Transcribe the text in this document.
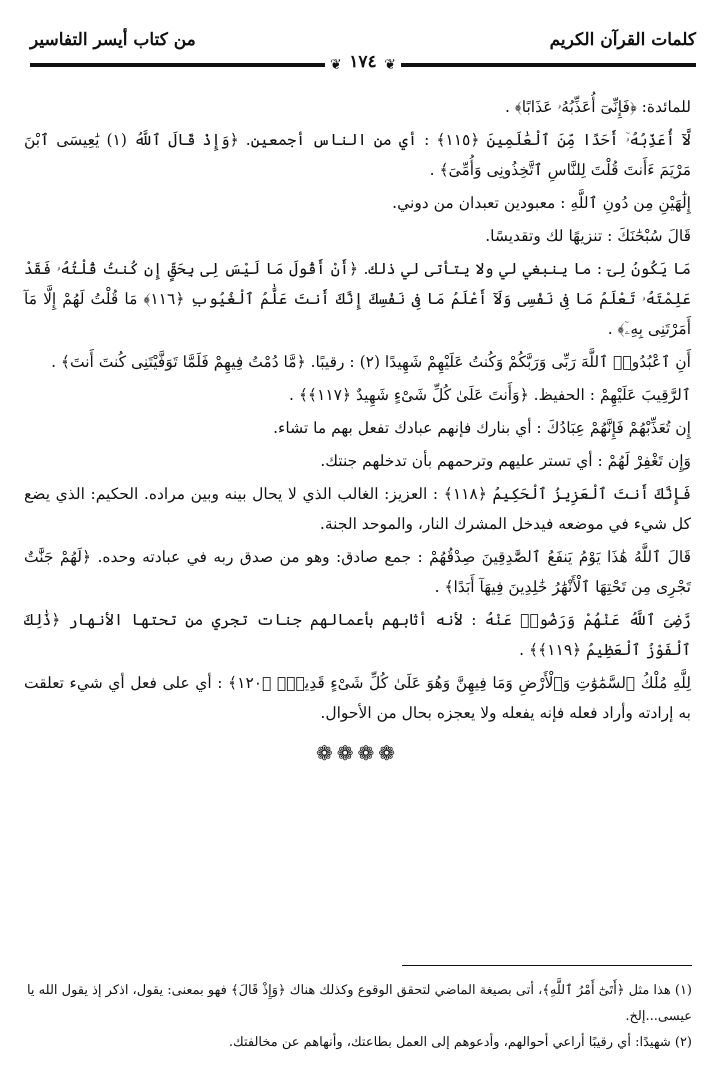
كلمات القرآن الكريم
من كتاب أيسر التفاسير
❦
❦ ١٧٤

للمائدة: ﴿فَإِنِّىٓ أُعَذِّبُهُۥ عَذَابًا﴾ .

لَّآ أُعَذِّبُهُۥٓ أَحَدًا مِّنَ ٱلْعَٰلَمِينَ ﴿١١٥﴾ : أي من الناس أجمعين. ﴿وَإِذْ قَالَ ٱللَّهُ (١) يَٰعِيسَى ٱبْنَ مَرْيَمَ ءَأَنتَ قُلْتَ لِلنَّاسِ ٱتَّخِذُونِى وَأُمِّىَ﴾ .

إِلَٰهَيْنِ مِن دُونِ ٱللَّهِ : معبودين تعبدان من دوني.

قَالَ سُبْحَٰنَكَ : تنزيهًا لك وتقديسًا.

مَا يَكُونُ لِىٓ : ما ينبغي لي ولا يتأتى لي ذلك. ﴿أَنْ أَقُولَ مَا لَيْسَ لِى بِحَقٍّ إِن كُنتُ قُلْتُهُۥ فَقَدْ عَلِمْتَهُۥ تَعْلَمُ مَا فِى نَفْسِى وَلَآ أَعْلَمُ مَا فِى نَفْسِكَ إِنَّكَ أَنتَ عَلَّٰمُ ٱلْغُيُوبِ ﴿١١٦﴾ مَا قُلْتُ لَهُمْ إِلَّا مَآ أَمَرْتَنِى بِهِۦٓ﴾ .

أَنِ ٱعْبُدُوا۟ ٱللَّهَ رَبِّى وَرَبَّكُمْ وَكُنتُ عَلَيْهِمْ شَهِيدًا (٢) : رقيبًا. ﴿مَّا دُمْتُ فِيهِمْ فَلَمَّا تَوَفَّيْتَنِى كُنتَ أَنتَ﴾ .

ٱلرَّقِيبَ عَلَيْهِمْ : الحفيظ. ﴿وَأَنتَ عَلَىٰ كُلِّ شَىْءٍ شَهِيدٌ ﴿١١٧﴾﴾ .

إِن تُعَذِّبْهُمْ فَإِنَّهُمْ عِبَادُكَ : أي بنارك فإنهم عبادك تفعل بهم ما تشاء.

وَإِن تَغْفِرْ لَهُمْ : أي تستر عليهم وترحمهم بأن تدخلهم جنتك.

فَإِنَّكَ أَنتَ ٱلْعَزِيزُ ٱلْحَكِيمُ ﴿١١٨﴾ : العزيز: الغالب الذي لا يحال بينه وبين مراده. الحكيم: الذي يضع كل شيء في موضعه فيدخل المشرك النار، والموحد الجنة.

قَالَ ٱللَّهُ هَٰذَا يَوْمُ يَنفَعُ ٱلصَّٰدِقِينَ صِدْقُهُمْ : جمع صادق: وهو من صدق ربه في عبادته وحده. ﴿لَهُمْ جَنَّٰتٌ تَجْرِى مِن تَحْتِهَا ٱلْأَنْهَٰرُ خَٰلِدِينَ فِيهَآ أَبَدًا﴾ .

رَّضِىَ ٱللَّهُ عَنْهُمْ وَرَضُوا۟ عَنْهُ : لأنه أثابهم بأعمالهم جنات تجري من تحتها الأنهار ﴿ذَٰلِكَ ٱلْفَوْزُ ٱلْعَظِيمُ ﴿١١٩﴾﴾ .

لِلَّهِ مُلْكُ ٱلسَّمَٰوَٰتِ وَٱلْأَرْضِ وَمَا فِيهِنَّ وَهُوَ عَلَىٰ كُلِّ شَىْءٍ قَدِيرٌۢ ﴿١٢٠﴾ : أي على فعل أي شيء تعلقت به إرادته وأراد فعله فإنه يفعله ولا يعجزه بحال من الأحوال.

❁❁❁❁

(١) هذا مثل ﴿أَتَىٰٓ أَمْرُ ٱللَّهِ﴾، أتى بصيغة الماضي لتحقق الوقوع وكذلك هناك ﴿وَإِذْ قَالَ﴾ فهو بمعنى: يقول، اذكر إذ يقول الله يا عيسى...إلخ.

(٢) شهيدًا: أي رقيبًا أراعي أحوالهم، وأدعوهم إلى العمل بطاعتك، وأنهاهم عن مخالفتك.
